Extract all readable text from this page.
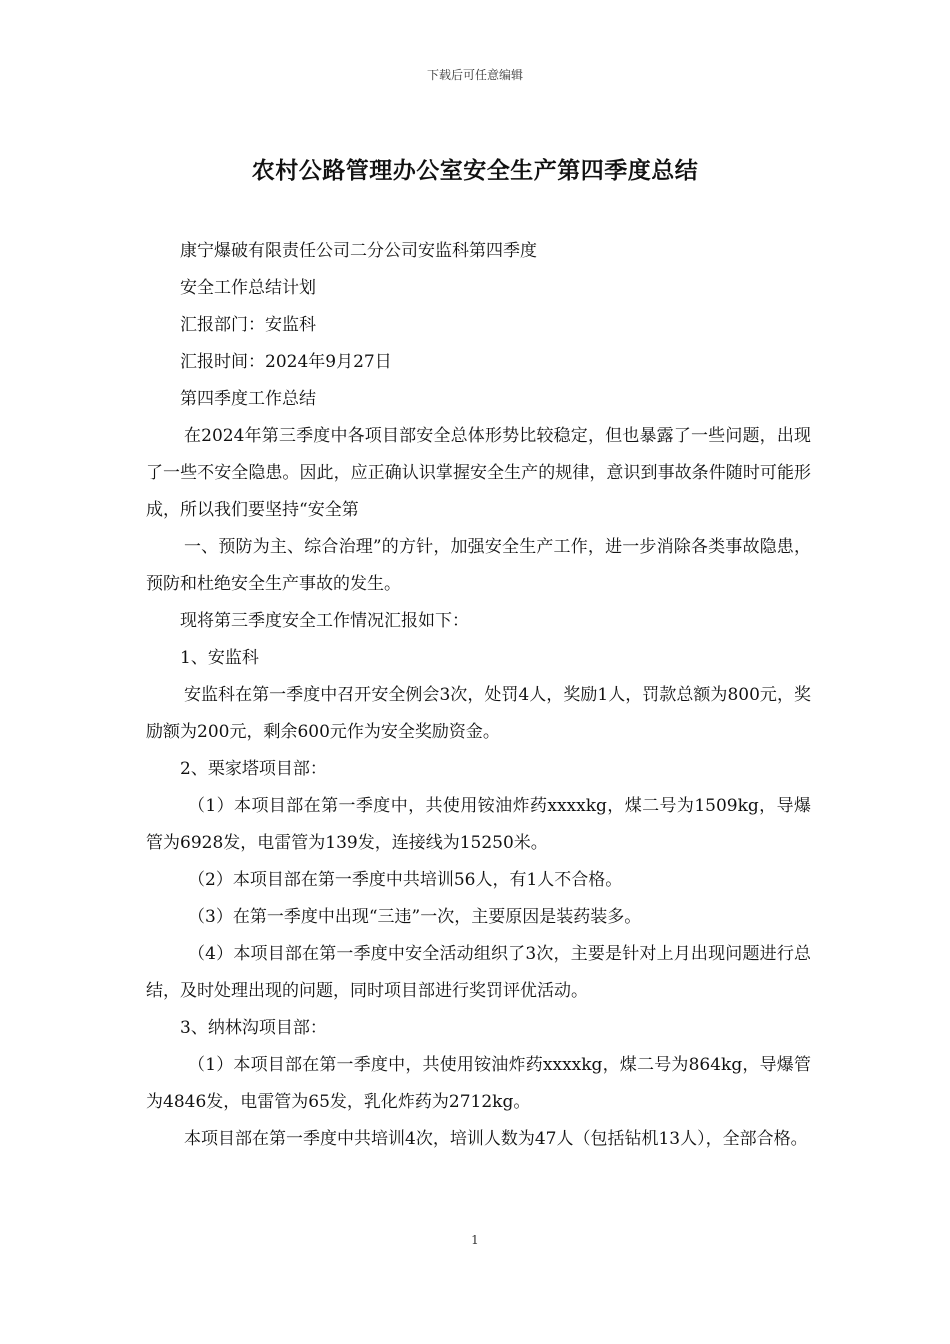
下载后可任意编辑
农村公路管理办公室安全生产第四季度总结

康宁爆破有限责任公司二分公司安监科第四季度

安全工作总结计划

汇报部门：安监科

汇报时间：2024年9月27日

第四季度工作总结

在2024年第三季度中各项目部安全总体形势比较稳定，但也暴露了一些问题，出现了一些不安全隐患。因此，应正确认识掌握安全生产的规律，意识到事故条件随时可能形成，所以我们要坚持“安全第

一、预防为主、综合治理”的方针，加强安全生产工作，进一步消除各类事故隐患，预防和杜绝安全生产事故的发生。

现将第三季度安全工作情况汇报如下：

1、安监科

安监科在第一季度中召开安全例会3次，处罚4人，奖励1人，罚款总额为800元，奖励额为200元，剩余600元作为安全奖励资金。

2、栗家塔项目部：

（1）本项目部在第一季度中，共使用铵油炸药xxxxkg，煤二号为1509kg，导爆管为6928发，电雷管为139发，连接线为15250米。

（2）本项目部在第一季度中共培训56人，有1人不合格。

（3）在第一季度中出现“三违”一次，主要原因是装药装多。

（4）本项目部在第一季度中安全活动组织了3次，主要是针对上月出现问题进行总结，及时处理出现的问题，同时项目部进行奖罚评优活动。

3、纳林沟项目部：

（1）本项目部在第一季度中，共使用铵油炸药xxxxkg，煤二号为864kg，导爆管为4846发，电雷管为65发，乳化炸药为2712kg。

本项目部在第一季度中共培训4次，培训人数为47人（包括钻机13人），全部合格。

1
